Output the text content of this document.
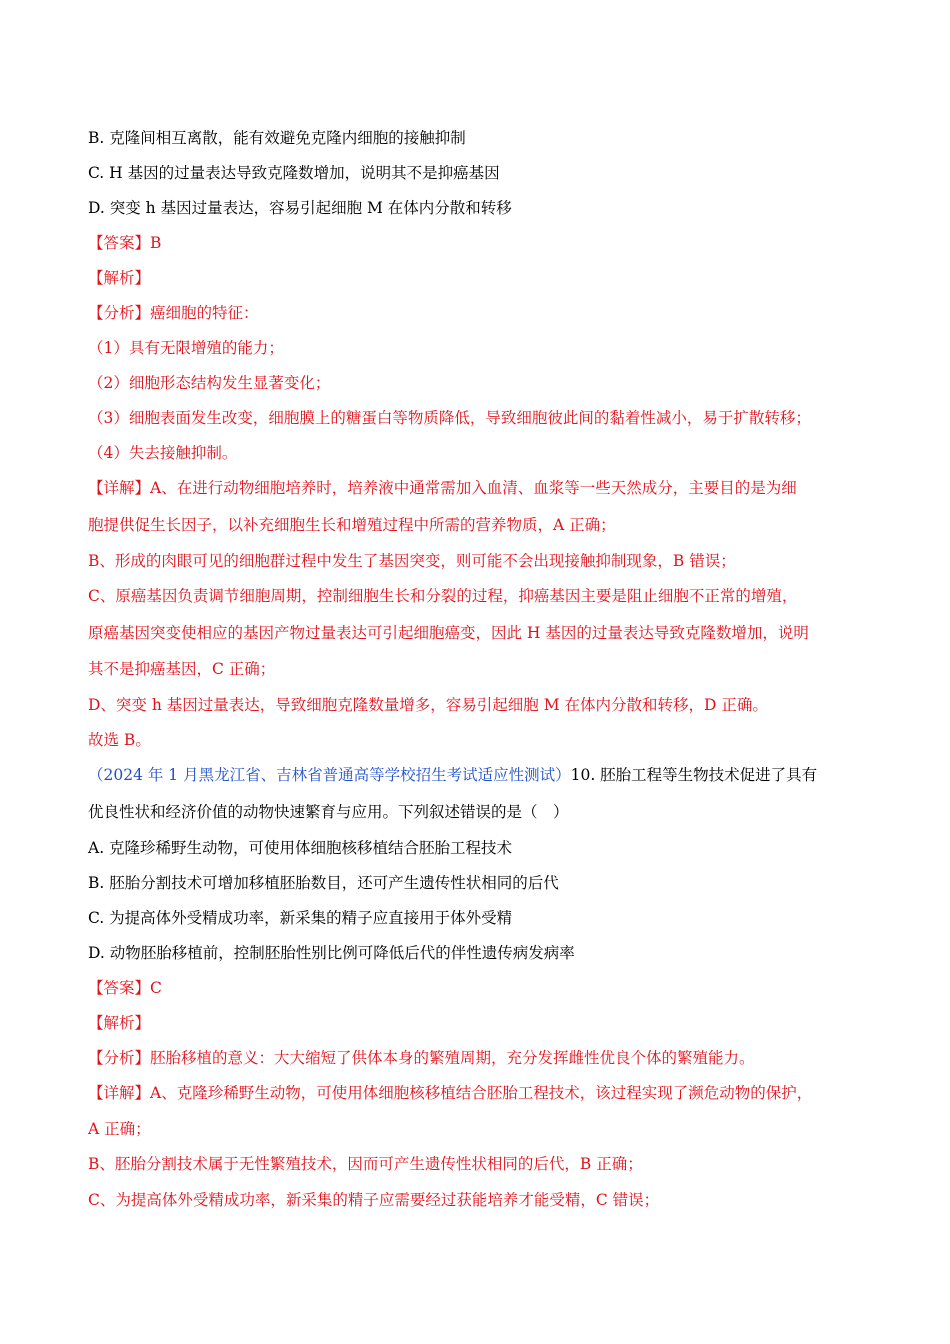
B. 克隆间相互离散，能有效避免克隆内细胞的接触抑制
C. H 基因的过量表达导致克隆数增加，说明其不是抑癌基因
D. 突变 h 基因过量表达，容易引起细胞 M 在体内分散和转移
【答案】B
【解析】
【分析】癌细胞的特征：
（1）具有无限增殖的能力；
（2）细胞形态结构发生显著变化；
（3）细胞表面发生改变，细胞膜上的糖蛋白等物质降低，导致细胞彼此间的黏着性减小，易于扩散转移；
（4）失去接触抑制。
【详解】A、在进行动物细胞培养时，培养液中通常需加入血清、血浆等一些天然成分，主要目的是为细
胞提供促生长因子，以补充细胞生长和增殖过程中所需的营养物质，A 正确；
B、形成的肉眼可见的细胞群过程中发生了基因突变，则可能不会出现接触抑制现象，B 错误；
C、原癌基因负责调节细胞周期，控制细胞生长和分裂的过程，抑癌基因主要是阻止细胞不正常的增殖，
原癌基因突变使相应的基因产物过量表达可引起细胞癌变，因此 H 基因的过量表达导致克隆数增加，说明
其不是抑癌基因，C 正确；
D、突变 h 基因过量表达，导致细胞克隆数量增多，容易引起细胞 M 在体内分散和转移，D 正确。
故选 B。
（2024 年 1 月黑龙江省、吉林省普通高等学校招生考试适应性测试）10. 胚胎工程等生物技术促进了具有
优良性状和经济价值的动物快速繁育与应用。下列叙述错误的是（　）
A. 克隆珍稀野生动物，可使用体细胞核移植结合胚胎工程技术
B. 胚胎分割技术可增加移植胚胎数目，还可产生遗传性状相同的后代
C. 为提高体外受精成功率，新采集的精子应直接用于体外受精
D. 动物胚胎移植前，控制胚胎性别比例可降低后代的伴性遗传病发病率
【答案】C
【解析】
【分析】胚胎移植的意义：大大缩短了供体本身的繁殖周期，充分发挥雌性优良个体的繁殖能力。
【详解】A、克隆珍稀野生动物，可使用体细胞核移植结合胚胎工程技术，该过程实现了濒危动物的保护，
A 正确；
B、胚胎分割技术属于无性繁殖技术，因而可产生遗传性状相同的后代，B 正确；
C、为提高体外受精成功率，新采集的精子应需要经过获能培养才能受精，C 错误；
